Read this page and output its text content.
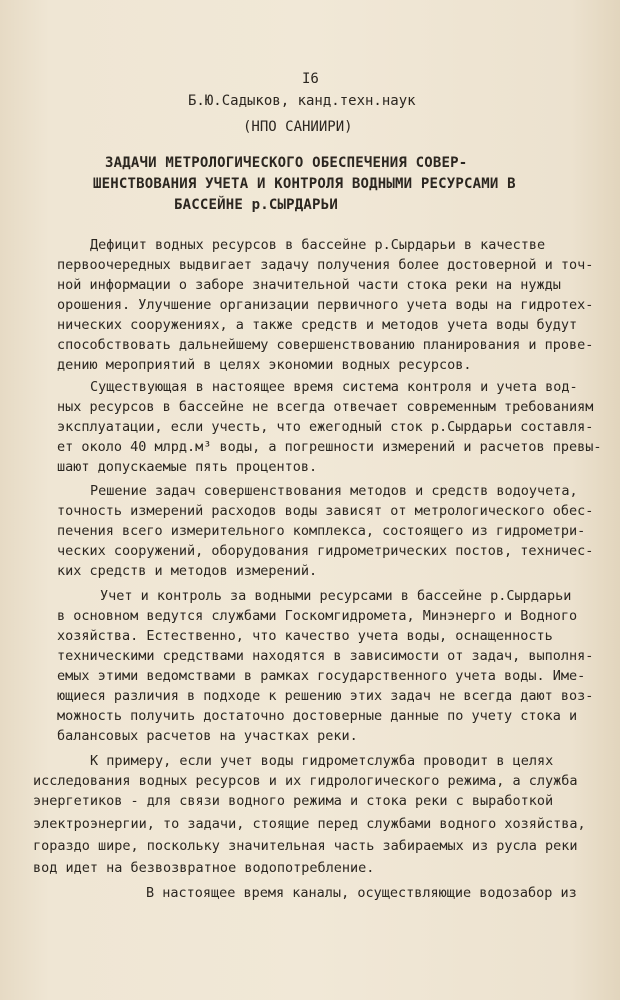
I6
Б.Ю.Садыков, канд.техн.наук
(НПО САНИИРИ)
ЗАДАЧИ МЕТРОЛОГИЧЕСКОГО ОБЕСПЕЧЕНИЯ СОВЕР-
ШЕНСТВОВАНИЯ УЧЕТА И КОНТРОЛЯ ВОДНЫМИ РЕСУРСАМИ В
БАССЕЙНЕ р.СЫРДАРЬИ
Дефицит водных ресурсов в бассейне р.Сырдарьи в качестве
первоочередных выдвигает задачу получения более достоверной и точ-
ной информации о заборе значительной части стока реки на нужды
орошения. Улучшение организации первичного учета воды на гидротех-
нических сооружениях, а также средств и методов учета воды будут
способствовать дальнейшему совершенствованию планирования и прове-
дению мероприятий в целях экономии водных ресурсов.
Существующая в настоящее время система контроля и учета вод-
ных ресурсов в бассейне не всегда отвечает современным требованиям
эксплуатации, если учесть, что ежегодный сток р.Сырдарьи составля-
ет около 40 млрд.м³ воды, а погрешности измерений и расчетов превы-
шают допускаемые пять процентов.
Решение задач совершенствования методов и средств водоучета,
точность измерений расходов воды зависят от метрологического обес-
печения всего измерительного комплекса, состоящего из гидрометри-
ческих сооружений, оборудования гидрометрических постов, техничес-
ких средств и методов измерений.
Учет и контроль за водными ресурсами в бассейне р.Сырдарьи
в основном ведутся службами Госкомгидромета, Минэнерго и Водного
хозяйства. Естественно, что качество учета воды, оснащенность
техническими средствами находятся в зависимости от задач, выполня-
емых этими ведомствами в рамках государственного учета воды. Име-
ющиеся различия в подходе к решению этих задач не всегда дают воз-
можность получить достаточно достоверные данные по учету стока и
балансовых расчетов на участках реки.
К примеру, если учет воды гидрометслужба проводит в целях
исследования водных ресурсов и их гидрологического режима, а служба
энергетиков - для связи водного режима и стока реки с выработкой
электроэнергии, то задачи, стоящие перед службами водного хозяйства,
гораздо шире, поскольку значительная часть забираемых из русла реки
вод идет на безвозвратное водопотребление.
В настоящее время каналы, осуществляющие водозабор из
